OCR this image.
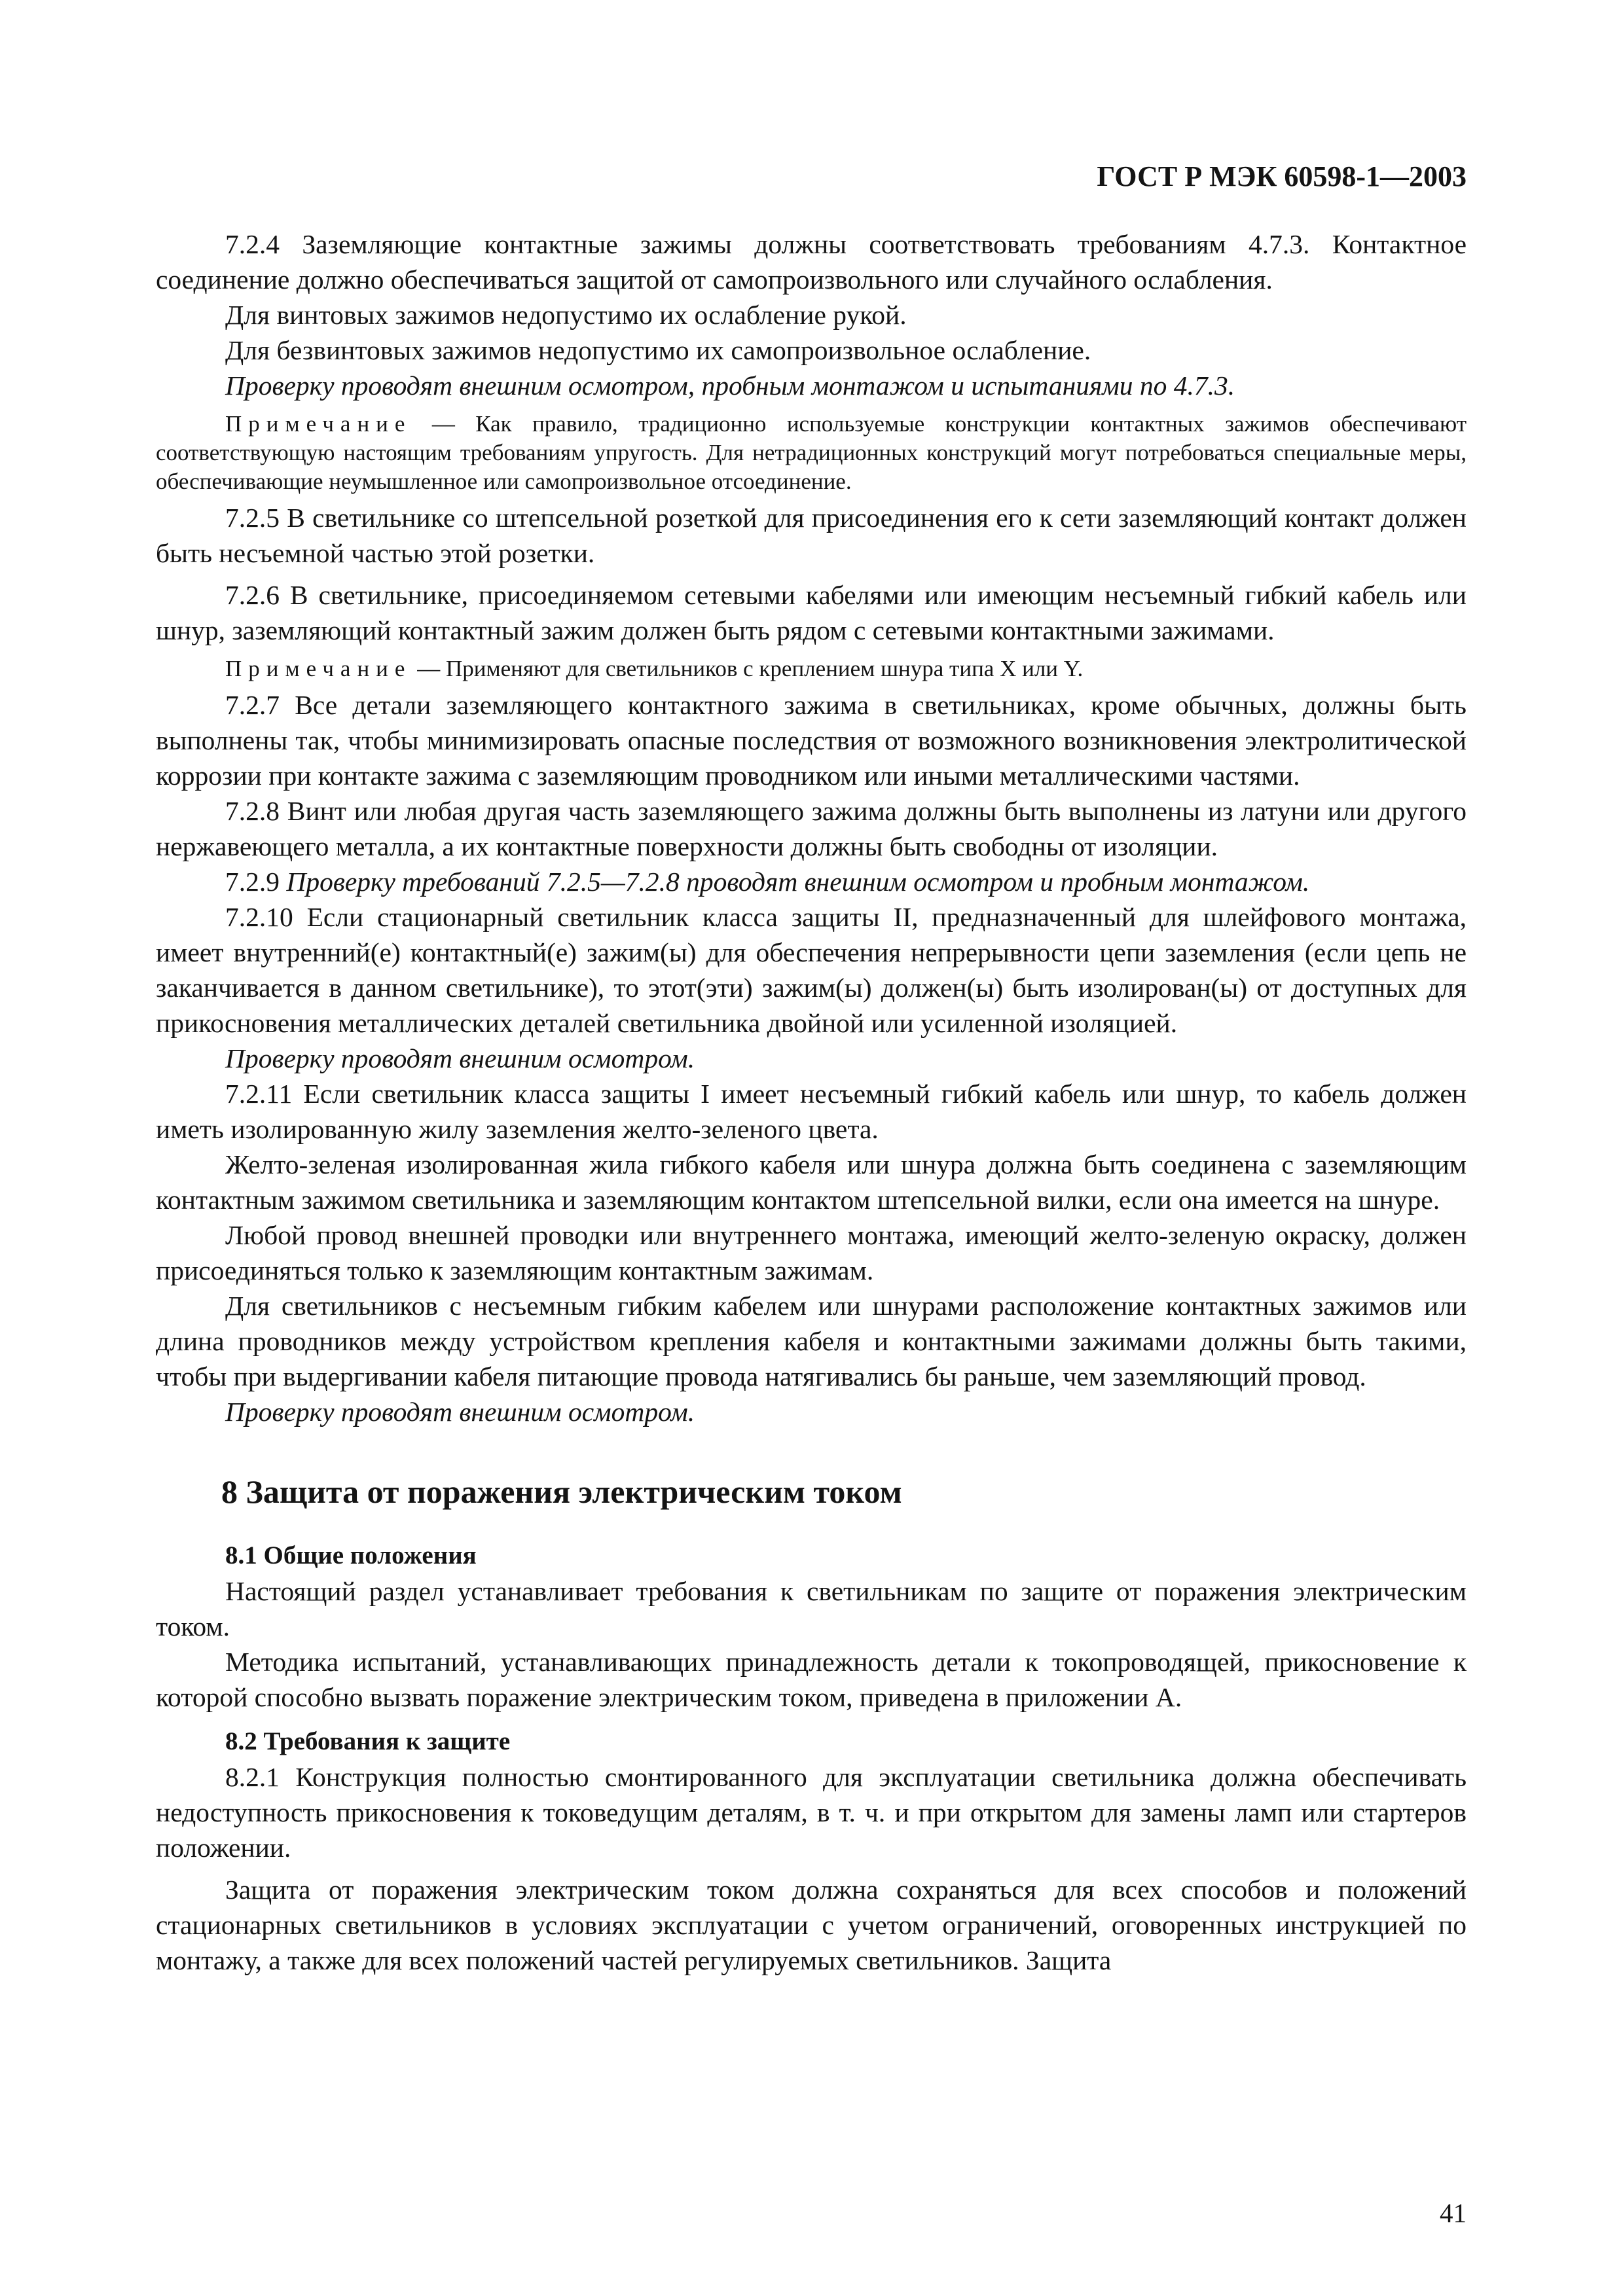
ГОСТ Р МЭК 60598-1—2003

7.2.4 Заземляющие контактные зажимы должны соответствовать требованиям 4.7.3. Контактное соединение должно обеспечиваться защитой от самопроизвольного или случайного ослабления.

Для винтовых зажимов недопустимо их ослабление рукой.

Для безвинтовых зажимов недопустимо их самопроизвольное ослабление.

Проверку проводят внешним осмотром, пробным монтажом и испытаниями по 4.7.3.

Примечание — Как правило, традиционно используемые конструкции контактных зажимов обеспечивают соответствующую настоящим требованиям упругость. Для нетрадиционных конструкций могут потребоваться специальные меры, обеспечивающие неумышленное или самопроизвольное отсоединение.

7.2.5 В светильнике со штепсельной розеткой для присоединения его к сети заземляющий контакт должен быть несъемной частью этой розетки.

7.2.6 В светильнике, присоединяемом сетевыми кабелями или имеющим несъемный гибкий кабель или шнур, заземляющий контактный зажим должен быть рядом с сетевыми контактными зажимами.

Примечание — Применяют для светильников с креплением шнура типа X или Y.

7.2.7 Все детали заземляющего контактного зажима в светильниках, кроме обычных, должны быть выполнены так, чтобы минимизировать опасные последствия от возможного возникновения электролитической коррозии при контакте зажима с заземляющим проводником или иными металлическими частями.

7.2.8 Винт или любая другая часть заземляющего зажима должны быть выполнены из латуни или другого нержавеющего металла, а их контактные поверхности должны быть свободны от изоляции.

7.2.9 Проверку требований 7.2.5—7.2.8 проводят внешним осмотром и пробным монтажом.

7.2.10 Если стационарный светильник класса защиты II, предназначенный для шлейфового монтажа, имеет внутренний(е) контактный(е) зажим(ы) для обеспечения непрерывности цепи заземления (если цепь не заканчивается в данном светильнике), то этот(эти) зажим(ы) должен(ы) быть изолирован(ы) от доступных для прикосновения металлических деталей светильника двойной или усиленной изоляцией.

Проверку проводят внешним осмотром.

7.2.11 Если светильник класса защиты I имеет несъемный гибкий кабель или шнур, то кабель должен иметь изолированную жилу заземления желто-зеленого цвета.

Желто-зеленая изолированная жила гибкого кабеля или шнура должна быть соединена с заземляющим контактным зажимом светильника и заземляющим контактом штепсельной вилки, если она имеется на шнуре.

Любой провод внешней проводки или внутреннего монтажа, имеющий желто-зеленую окраску, должен присоединяться только к заземляющим контактным зажимам.

Для светильников с несъемным гибким кабелем или шнурами расположение контактных зажимов или длина проводников между устройством крепления кабеля и контактными зажимами должны быть такими, чтобы при выдергивании кабеля питающие провода натягивались бы раньше, чем заземляющий провод.

Проверку проводят внешним осмотром.

8 Защита от поражения электрическим током
8.1 Общие положения

Настоящий раздел устанавливает требования к светильникам по защите от поражения электрическим током.

Методика испытаний, устанавливающих принадлежность детали к токопроводящей, прикосновение к которой способно вызвать поражение электрическим током, приведена в приложении А.

8.2 Требования к защите

8.2.1 Конструкция полностью смонтированного для эксплуатации светильника должна обеспечивать недоступность прикосновения к токоведущим деталям, в т. ч. и при открытом для замены ламп или стартеров положении.

Защита от поражения электрическим током должна сохраняться для всех способов и положений стационарных светильников в условиях эксплуатации с учетом ограничений, оговоренных инструкцией по монтажу, а также для всех положений частей регулируемых светильников. Защита

41
